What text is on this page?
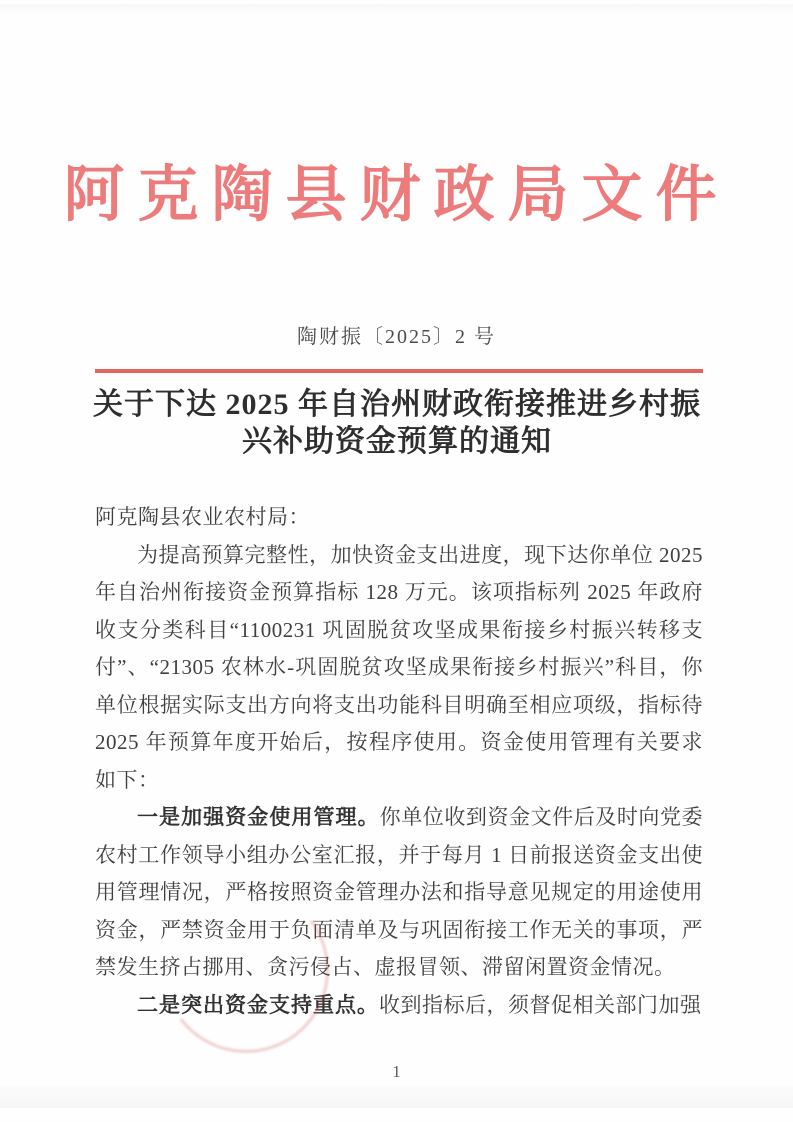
阿克陶县财政局文件
陶财振〔2025〕2 号
关于下达 2025 年自治州财政衔接推进乡村振
兴补助资金预算的通知

阿克陶县农业农村局：

为提高预算完整性，加快资金支出进度，现下达你单位 2025 年自治州衔接资金预算指标 128 万元。该项指标列 2025 年政府收支分类科目“1100231 巩固脱贫攻坚成果衔接乡村振兴转移支付”、“21305 农林水-巩固脱贫攻坚成果衔接乡村振兴”科目，你单位根据实际支出方向将支出功能科目明确至相应项级，指标待 2025 年预算年度开始后，按程序使用。资金使用管理有关要求如下：

一是加强资金使用管理。你单位收到资金文件后及时向党委农村工作领导小组办公室汇报，并于每月 1 日前报送资金支出使用管理情况，严格按照资金管理办法和指导意见规定的用途使用资金，严禁资金用于负面清单及与巩固衔接工作无关的事项，严禁发生挤占挪用、贪污侵占、虚报冒领、滞留闲置资金情况。

二是突出资金支持重点。收到指标后，须督促相关部门加强

1
